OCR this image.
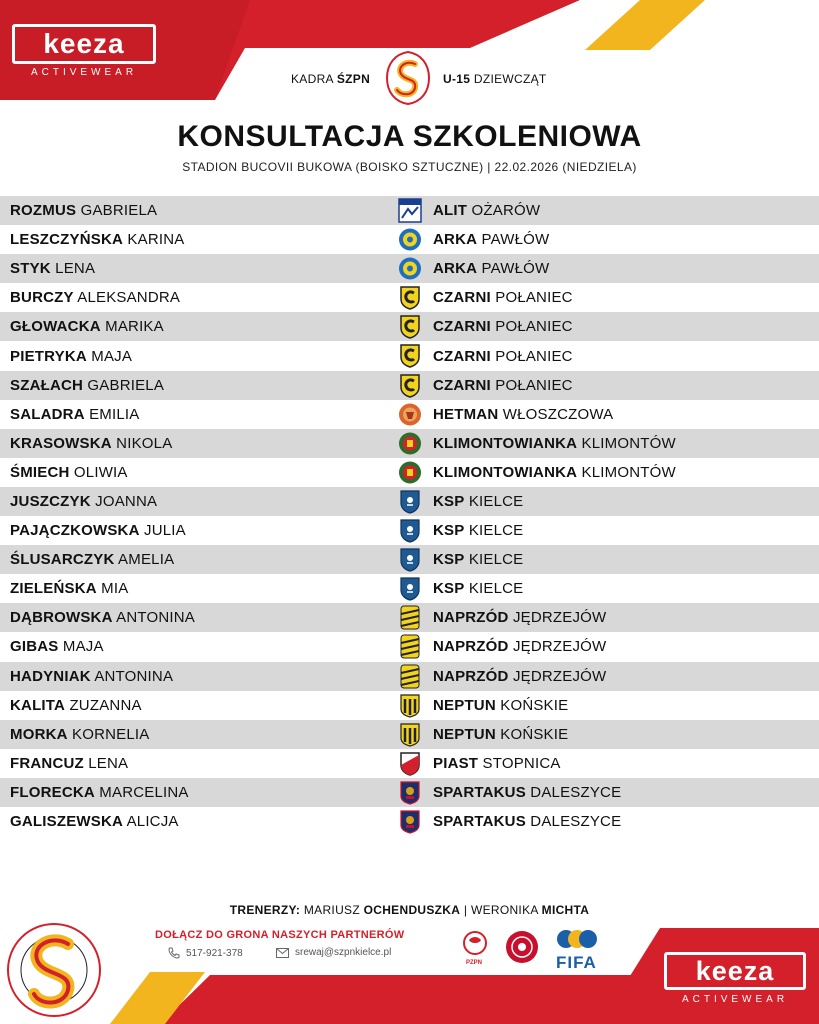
keeza
ACTIVEWEAR	KADRA ŚZPN	U-15 DZIEWCZĄT
KONSULTACJA SZKOLENIOWA
STADION BUCOVII BUKOWA (BOISKO SZTUCZNE) | 22.02.2026 (NIEDZIELA)
ROZMUS GABRIELA	ALIT OŻARÓW
LESZCZYŃSKA KARINA	ARKA PAWŁÓW
STYK LENA	ARKA PAWŁÓW
BURCZY ALEKSANDRA	CZARNI POŁANIEC
GŁOWACKA MARIKA	CZARNI POŁANIEC
PIETRYKA MAJA	CZARNI POŁANIEC
SZAŁACH GABRIELA	CZARNI POŁANIEC
SALADRA EMILIA	HETMAN WŁOSZCZOWA
KRASOWSKA NIKOLA	KLIMONTOWIANKA KLIMONTÓW
ŚMIECH OLIWIA	KLIMONTOWIANKA KLIMONTÓW
JUSZCZYK JOANNA	KSP KIELCE
PAJĄCZKOWSKA JULIA	KSP KIELCE
ŚLUSARCZYK AMELIA	KSP KIELCE
ZIELEŃSKA MIA	KSP KIELCE
DĄBROWSKA ANTONINA	NAPRZÓD JĘDRZEJÓW
GIBAS MAJA	NAPRZÓD JĘDRZEJÓW
HADYNIAK ANTONINA	NAPRZÓD JĘDRZEJÓW
KALITA ZUZANNA	NEPTUN KOŃSKIE
MORKA KORNELIA	NEPTUN KOŃSKIE
FRANCUZ LENA	PIAST STOPNICA
FLORECKA MARCELINA	SPARTAKUS DALESZYCE
GALISZEWSKA ALICJA	SPARTAKUS DALESZYCE
TRENERZY: MARIUSZ OCHENDUSZKA | WERONIKA MICHTA
DOŁĄCZ DO GRONA NASZYCH PARTNERÓW
517-921-378	srewaj@szpnkielce.pl
PZPN	FIFA	keeza
ACTIVEWEAR
